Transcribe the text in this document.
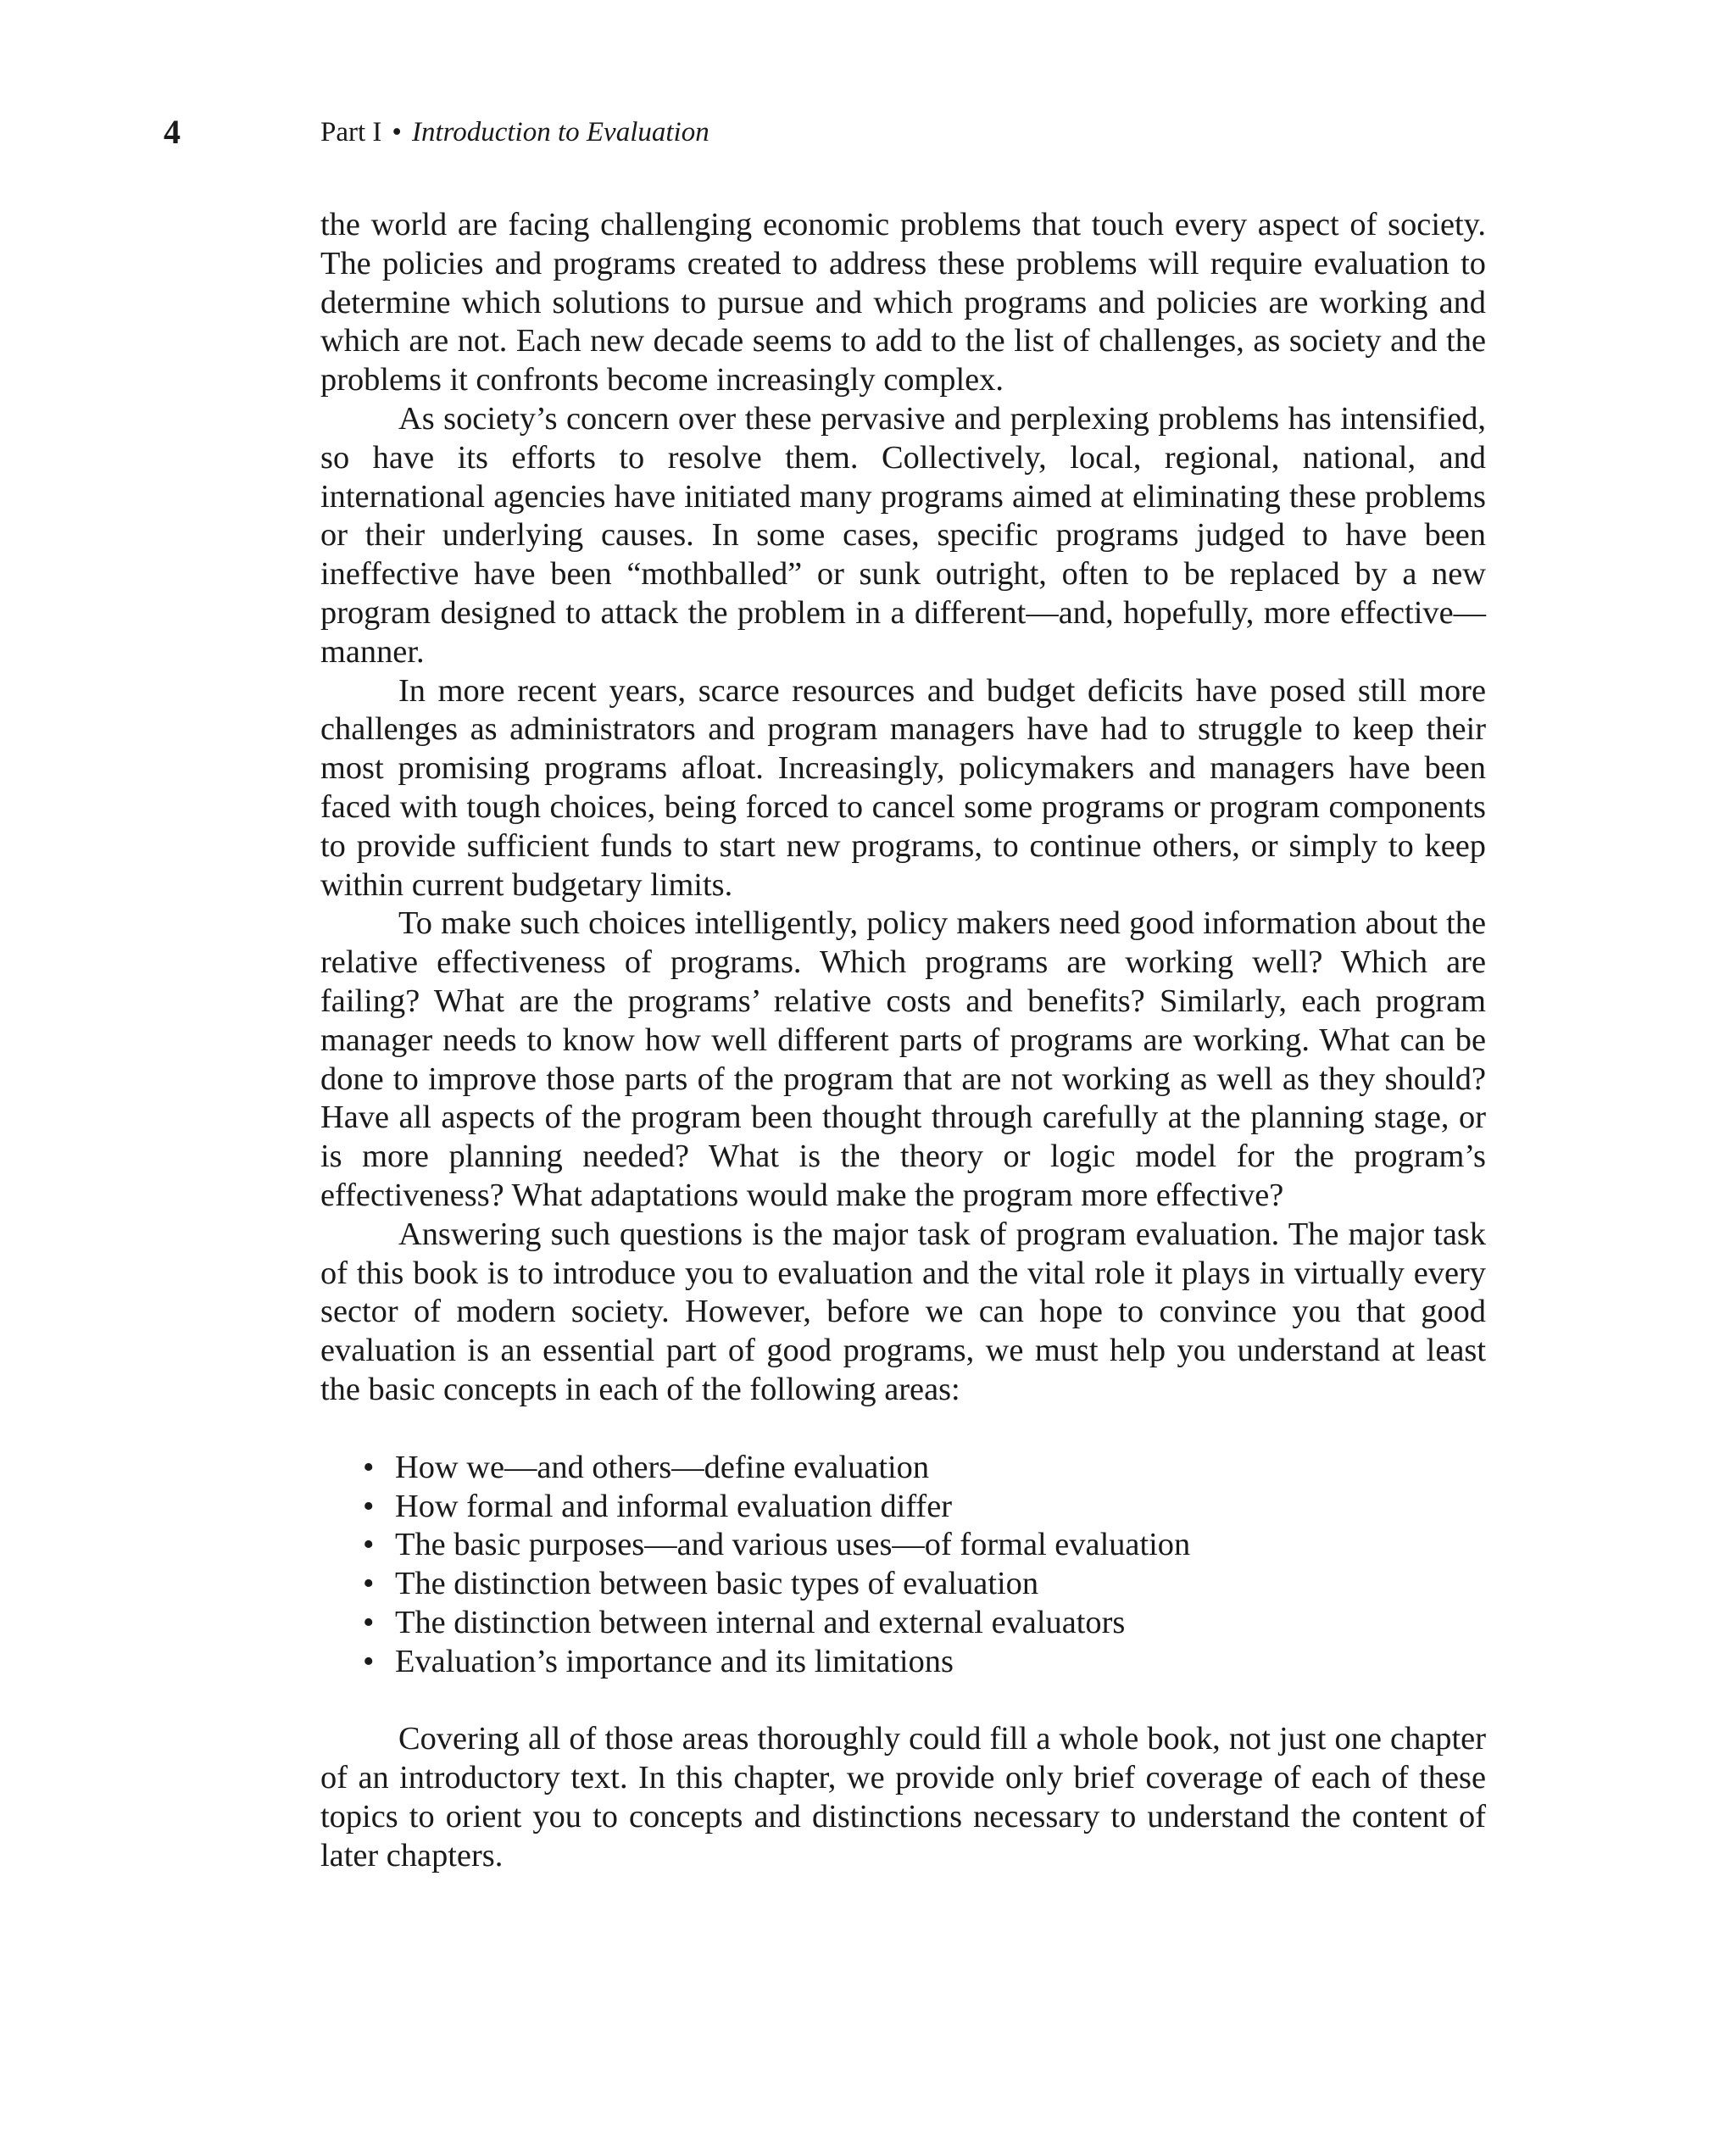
4	Part I • Introduction to Evaluation

the world are facing challenging economic problems that touch every aspect of society. The policies and programs created to address these problems will require evaluation to determine which solutions to pursue and which programs and policies are working and which are not. Each new decade seems to add to the list of challenges, as society and the problems it confronts become increasingly complex.

As society’s concern over these pervasive and perplexing problems has intensified, so have its efforts to resolve them. Collectively, local, regional, national, and international agencies have initiated many programs aimed at eliminating these problems or their underlying causes. In some cases, specific programs judged to have been ineffective have been “mothballed” or sunk outright, often to be replaced by a new program designed to attack the problem in a different—and, hopefully, more effective—manner.

In more recent years, scarce resources and budget deficits have posed still more challenges as administrators and program managers have had to struggle to keep their most promising programs afloat. Increasingly, policymakers and managers have been faced with tough choices, being forced to cancel some programs or program components to provide sufficient funds to start new programs, to continue others, or simply to keep within current budgetary limits.

To make such choices intelligently, policy makers need good information about the relative effectiveness of programs. Which programs are working well? Which are failing? What are the programs’ relative costs and benefits? Similarly, each program manager needs to know how well different parts of programs are working. What can be done to improve those parts of the program that are not working as well as they should? Have all aspects of the program been thought through carefully at the planning stage, or is more planning needed? What is the theory or logic model for the program’s effectiveness? What adaptations would make the program more effective?

Answering such questions is the major task of program evaluation. The major task of this book is to introduce you to evaluation and the vital role it plays in virtually every sector of modern society. However, before we can hope to convince you that good evaluation is an essential part of good programs, we must help you understand at least the basic concepts in each of the following areas:

• How we—and others—define evaluation
• How formal and informal evaluation differ
• The basic purposes—and various uses—of formal evaluation
• The distinction between basic types of evaluation
• The distinction between internal and external evaluators
• Evaluation’s importance and its limitations

Covering all of those areas thoroughly could fill a whole book, not just one chapter of an introductory text. In this chapter, we provide only brief coverage of each of these topics to orient you to concepts and distinctions necessary to understand the content of later chapters.
